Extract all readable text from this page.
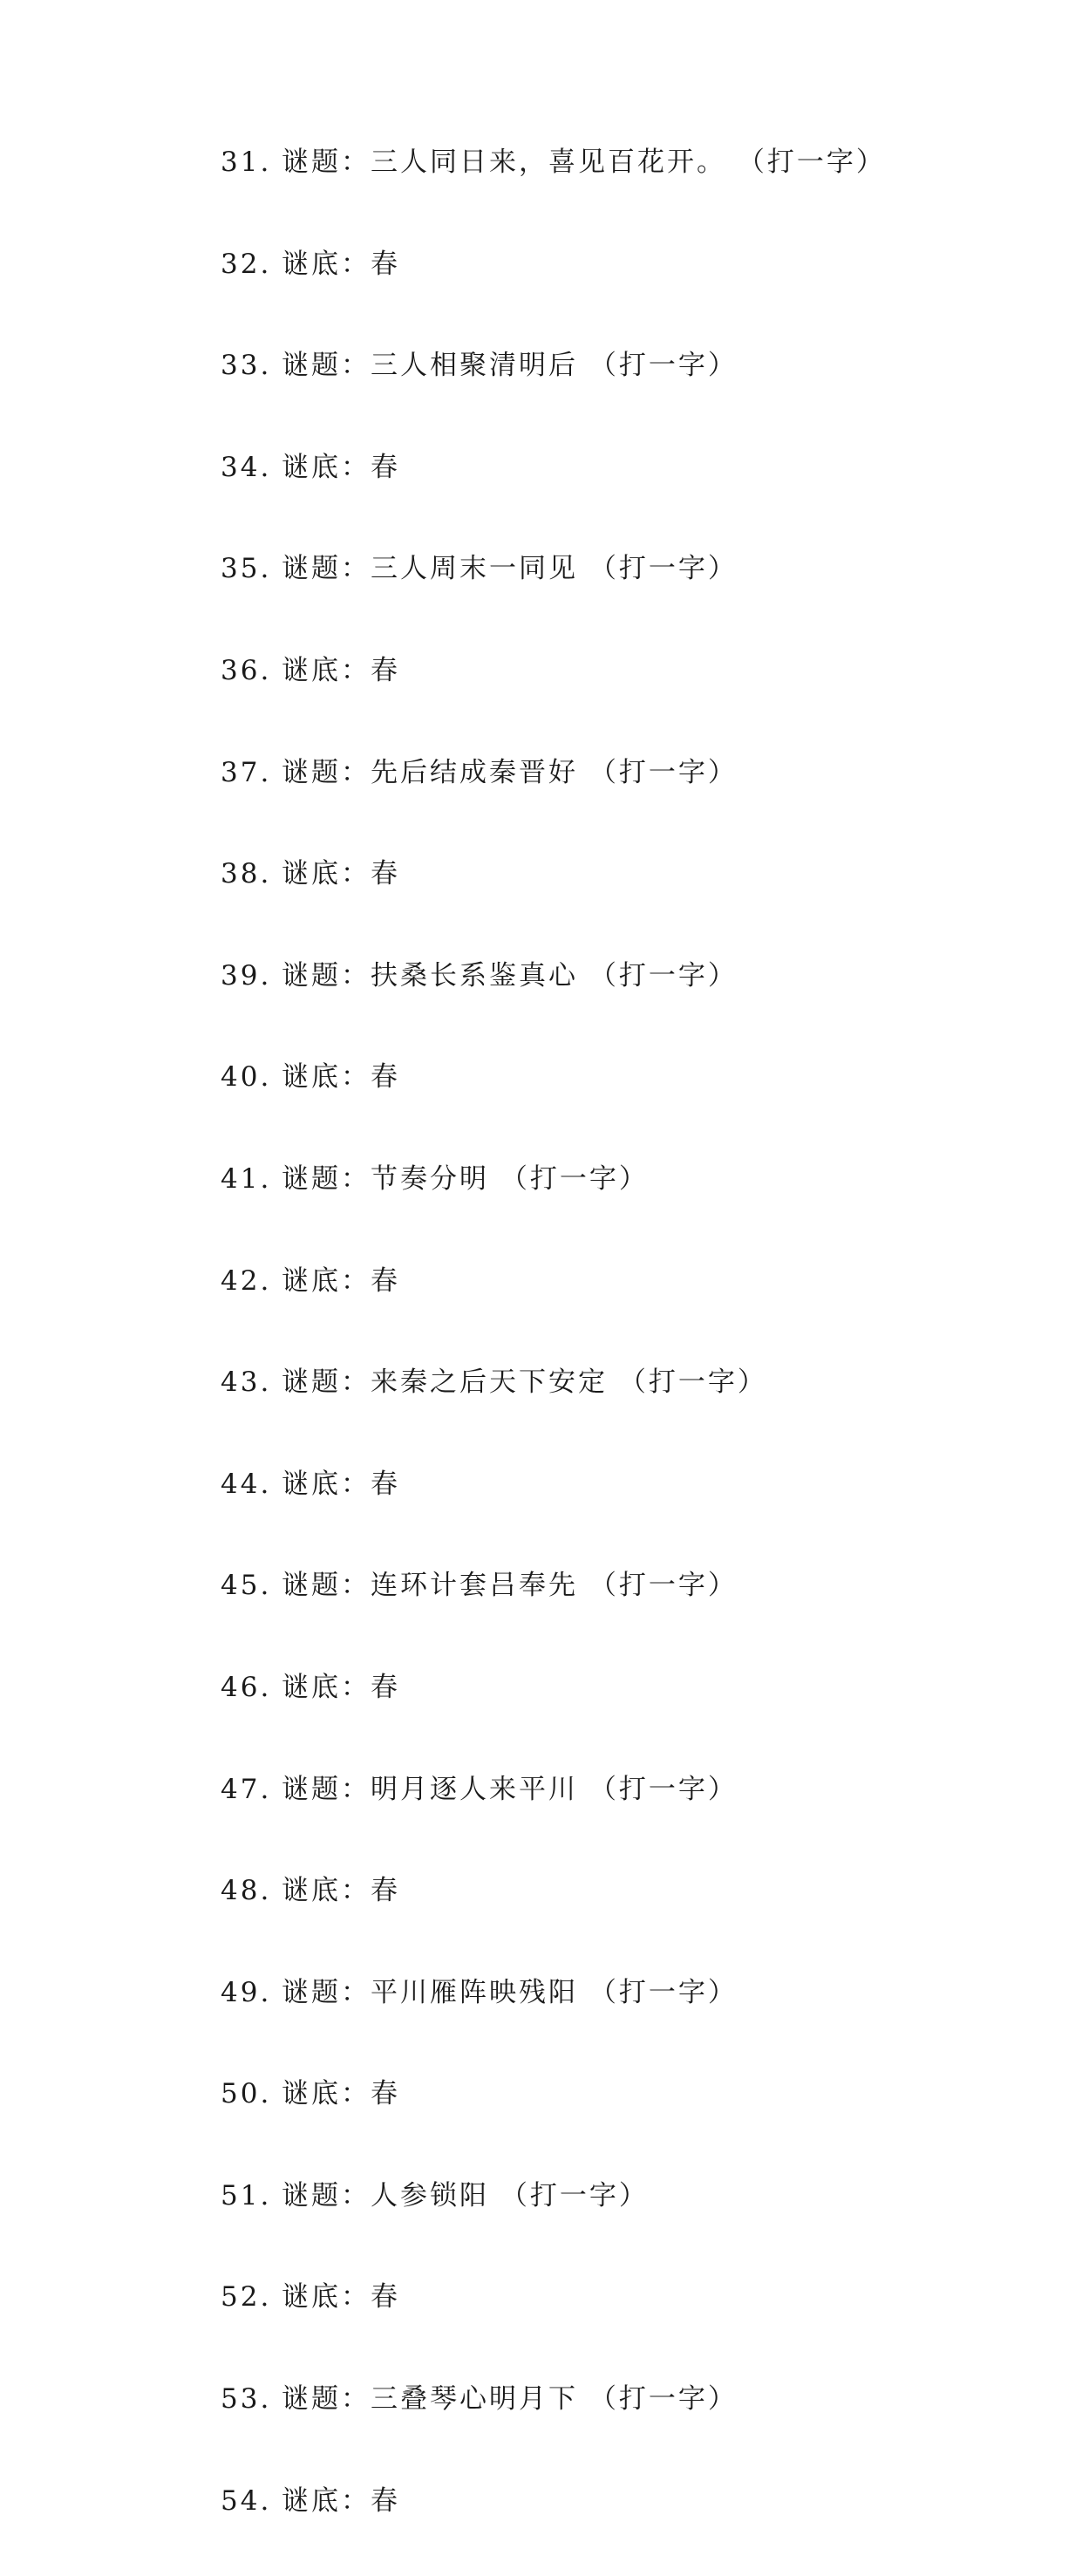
31. 谜题：三人同日来，喜见百花开。 （打一字）
32. 谜底：春
33. 谜题：三人相聚清明后 （打一字）
34. 谜底：春
35. 谜题：三人周末一同见 （打一字）
36. 谜底：春
37. 谜题：先后结成秦晋好 （打一字）
38. 谜底：春
39. 谜题：扶桑长系鉴真心 （打一字）
40. 谜底：春
41. 谜题：节奏分明 （打一字）
42. 谜底：春
43. 谜题：来秦之后天下安定 （打一字）
44. 谜底：春
45. 谜题：连环计套吕奉先 （打一字）
46. 谜底：春
47. 谜题：明月逐人来平川 （打一字）
48. 谜底：春
49. 谜题：平川雁阵映残阳 （打一字）
50. 谜底：春
51. 谜题：人参锁阳 （打一字）
52. 谜底：春
53. 谜题：三叠琴心明月下 （打一字）
54. 谜底：春
